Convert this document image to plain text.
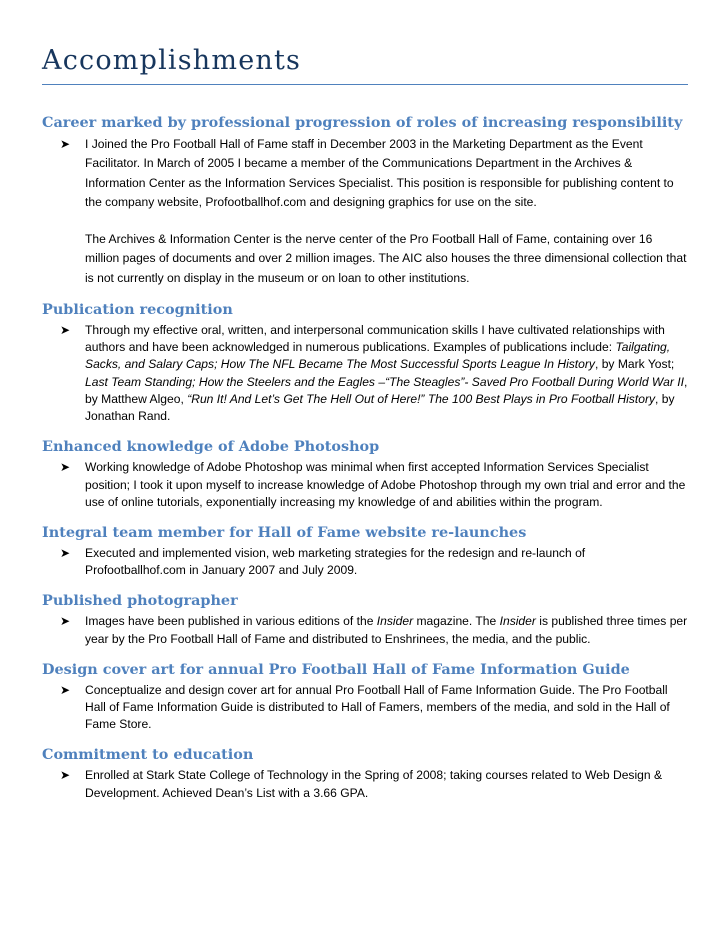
Accomplishments
Career marked by professional progression of roles of increasing responsibility
➤ I Joined the Pro Football Hall of Fame staff in December 2003 in the Marketing Department as the Event Facilitator. In March of 2005 I became a member of the Communications Department in the Archives & Information Center as the Information Services Specialist. This position is responsible for publishing content to the company website, Profootballhof.com and designing graphics for use on the site.
The Archives & Information Center is the nerve center of the Pro Football Hall of Fame, containing over 16 million pages of documents and over 2 million images. The AIC also houses the three dimensional collection that is not currently on display in the museum or on loan to other institutions.
Publication recognition
➤ Through my effective oral, written, and interpersonal communication skills I have cultivated relationships with authors and have been acknowledged in numerous publications. Examples of publications include: Tailgating, Sacks, and Salary Caps; How The NFL Became The Most Successful Sports League In History, by Mark Yost; Last Team Standing; How the Steelers and the Eagles –“The Steagles”- Saved Pro Football During World War II, by Matthew Algeo, “Run It! And Let’s Get The Hell Out of Here!” The 100 Best Plays in Pro Football History, by Jonathan Rand.
Enhanced knowledge of Adobe Photoshop
➤ Working knowledge of Adobe Photoshop was minimal when first accepted Information Services Specialist position; I took it upon myself to increase knowledge of Adobe Photoshop through my own trial and error and the use of online tutorials, exponentially increasing my knowledge of and abilities within the program.
Integral team member for Hall of Fame website re-launches
➤ Executed and implemented vision, web marketing strategies for the redesign and re-launch of Profootballhof.com in January 2007 and July 2009.
Published photographer
➤ Images have been published in various editions of the Insider magazine. The Insider is published three times per year by the Pro Football Hall of Fame and distributed to Enshrinees, the media, and the public.
Design cover art for annual Pro Football Hall of Fame Information Guide
➤ Conceptualize and design cover art for annual Pro Football Hall of Fame Information Guide. The Pro Football Hall of Fame Information Guide is distributed to Hall of Famers, members of the media, and sold in the Hall of Fame Store.
Commitment to education
➤ Enrolled at Stark State College of Technology in the Spring of 2008; taking courses related to Web Design & Development. Achieved Dean’s List with a 3.66 GPA.
